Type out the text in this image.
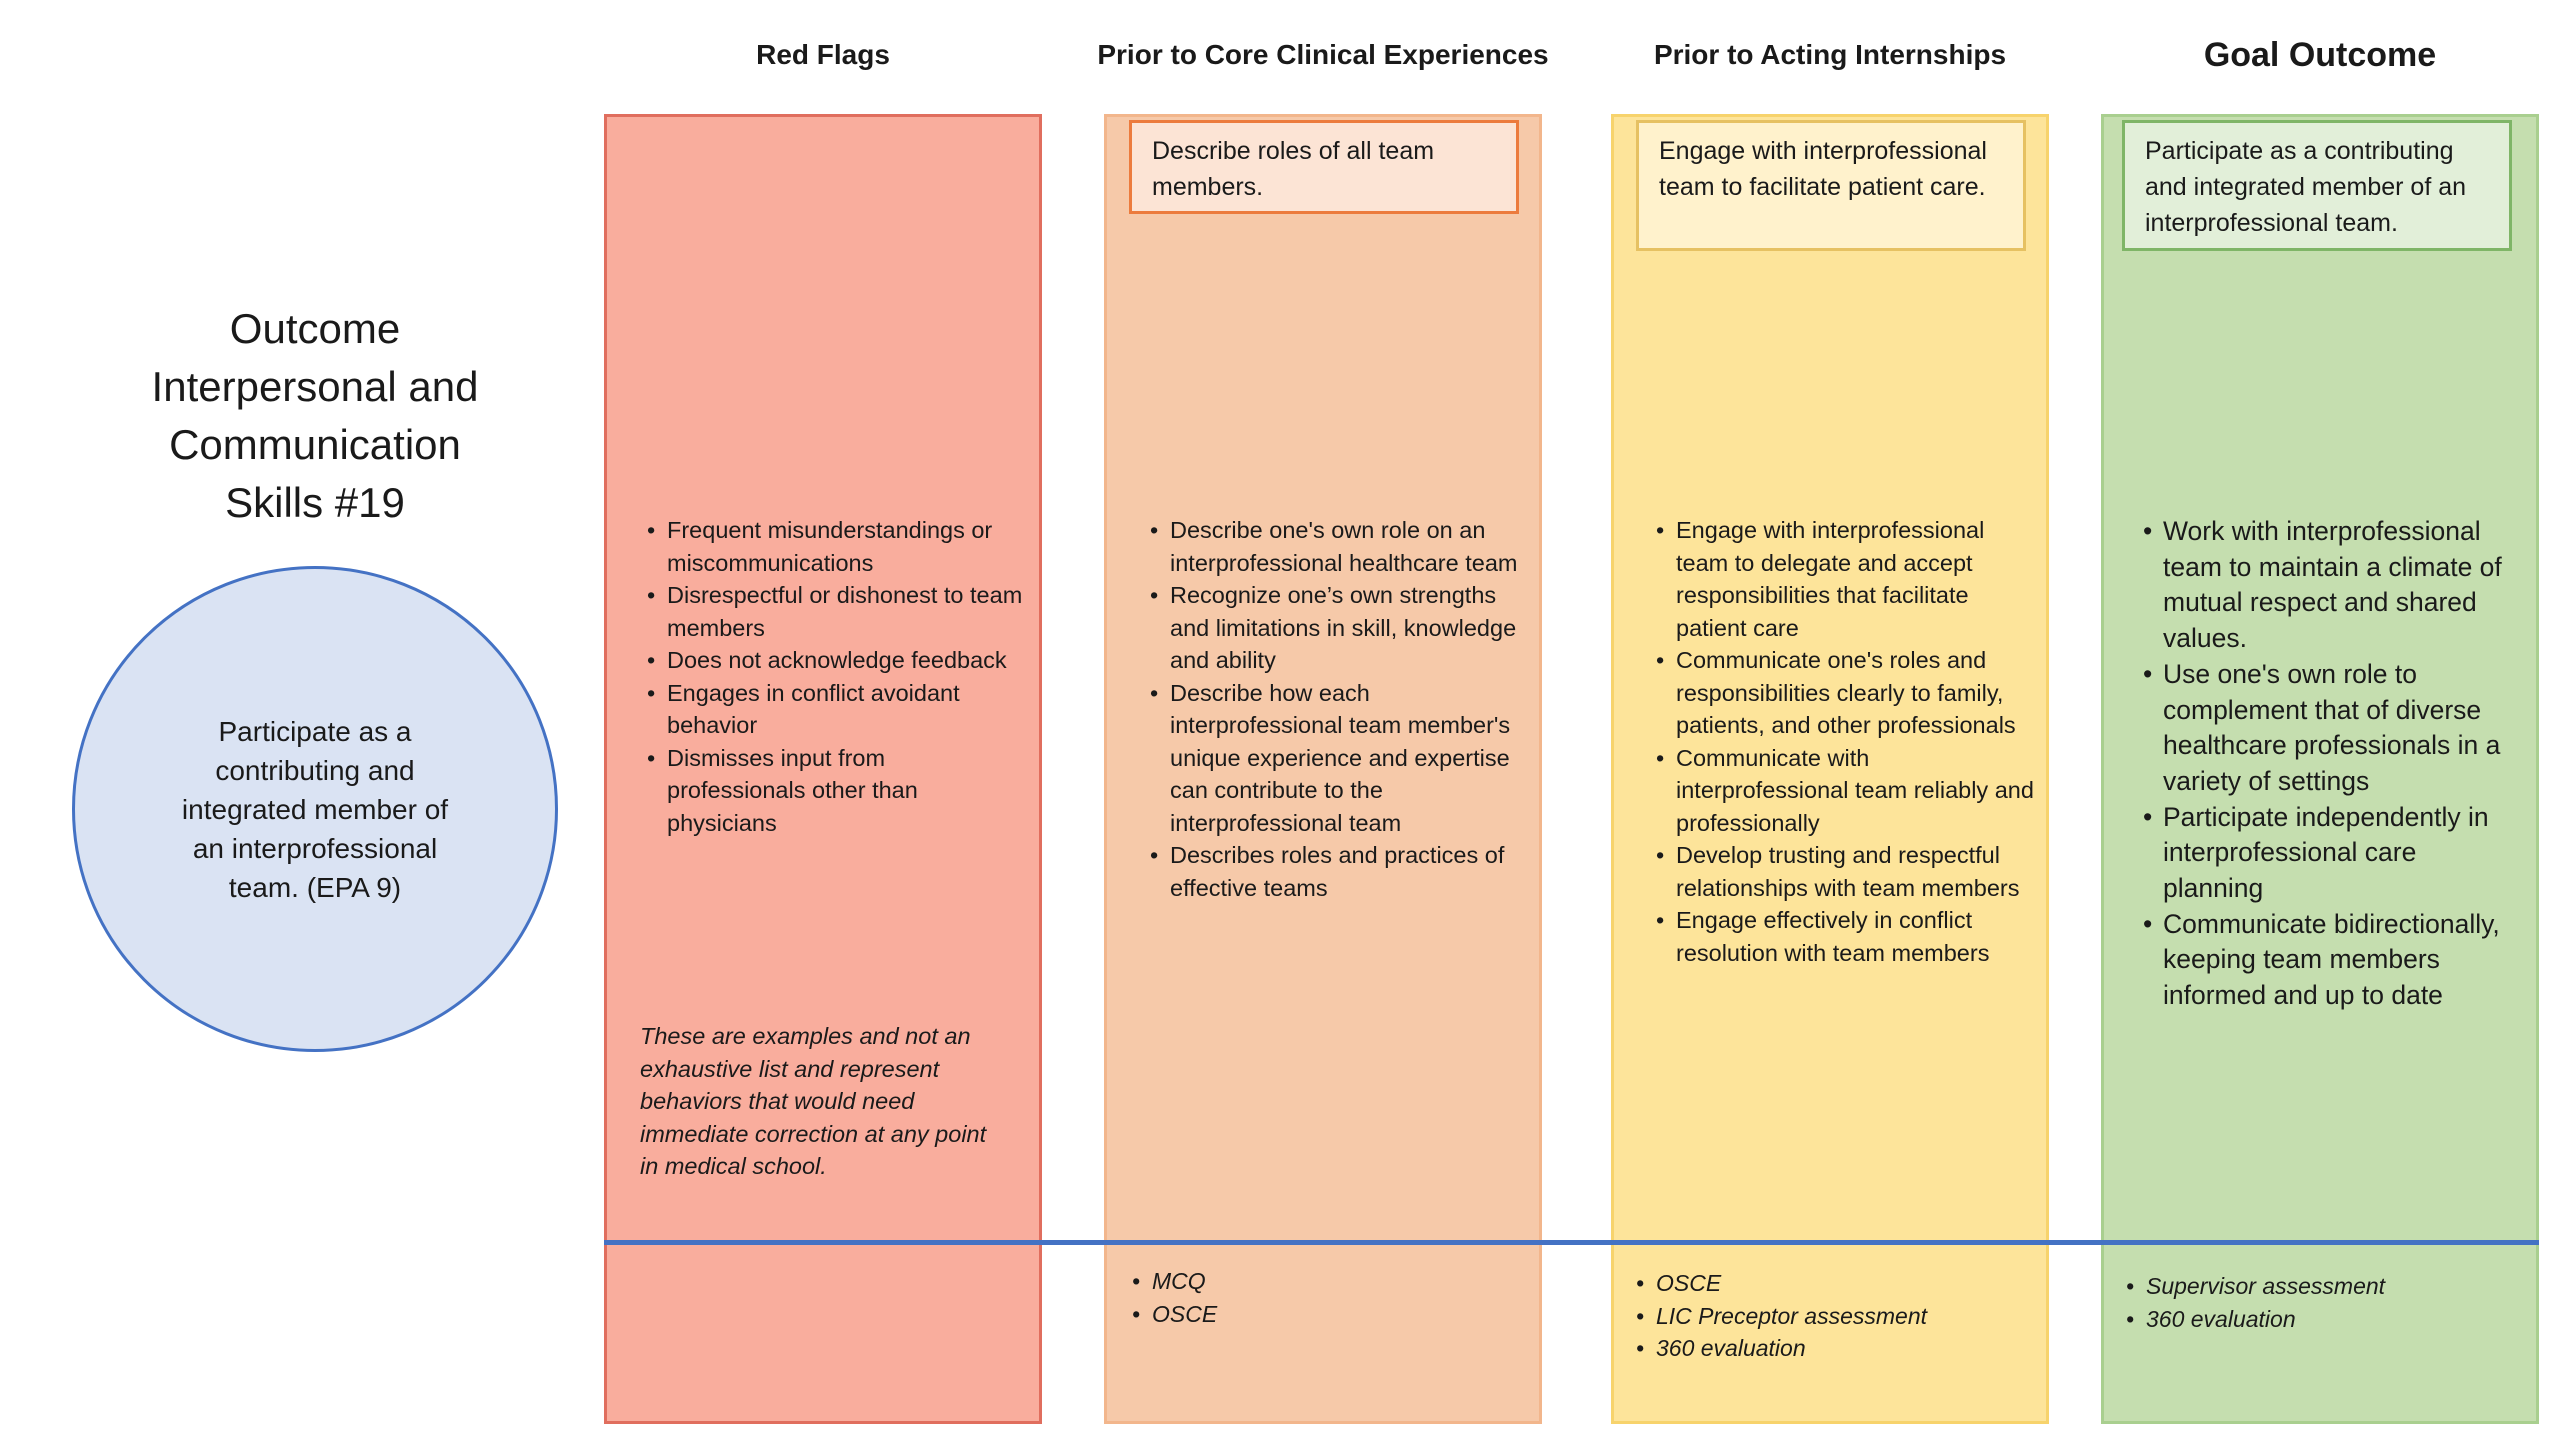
Outcome
Interpersonal and
Communication
Skills #19
Participate as a contributing and integrated member of an interprofessional team. (EPA 9)
Red Flags	Prior to Core Clinical Experiences	Prior to Acting Internships	Goal Outcome
Describe roles of all team members.
Engage with interprofessional team to facilitate patient care.
Participate as a contributing and integrated member of an interprofessional team.
• Frequent misunderstandings or miscommunications
• Disrespectful or dishonest to team members
• Does not acknowledge feedback
• Engages in conflict avoidant behavior
• Dismisses input from professionals other than physicians
These are examples and not an exhaustive list and represent behaviors that would need immediate correction at any point in medical school.
• Describe one's own role on an interprofessional healthcare team
• Recognize one’s own strengths and limitations in skill, knowledge and ability
• Describe how each interprofessional team member's unique experience and expertise can contribute to the interprofessional team
• Describes roles and practices of effective teams
• Engage with interprofessional team to delegate and accept responsibilities that facilitate patient care
• Communicate one's roles and responsibilities clearly to family, patients, and other professionals
• Communicate with interprofessional team reliably and professionally
• Develop trusting and respectful relationships with team members
• Engage effectively in conflict resolution with team members
• Work with interprofessional team to maintain a climate of mutual respect and shared values.
• Use one's own role to complement that of diverse healthcare professionals in a variety of settings
• Participate independently in interprofessional care planning
• Communicate bidirectionally, keeping team members informed and up to date
• MCQ
• OSCE
• OSCE
• LIC Preceptor assessment
• 360 evaluation
• Supervisor assessment
• 360 evaluation
